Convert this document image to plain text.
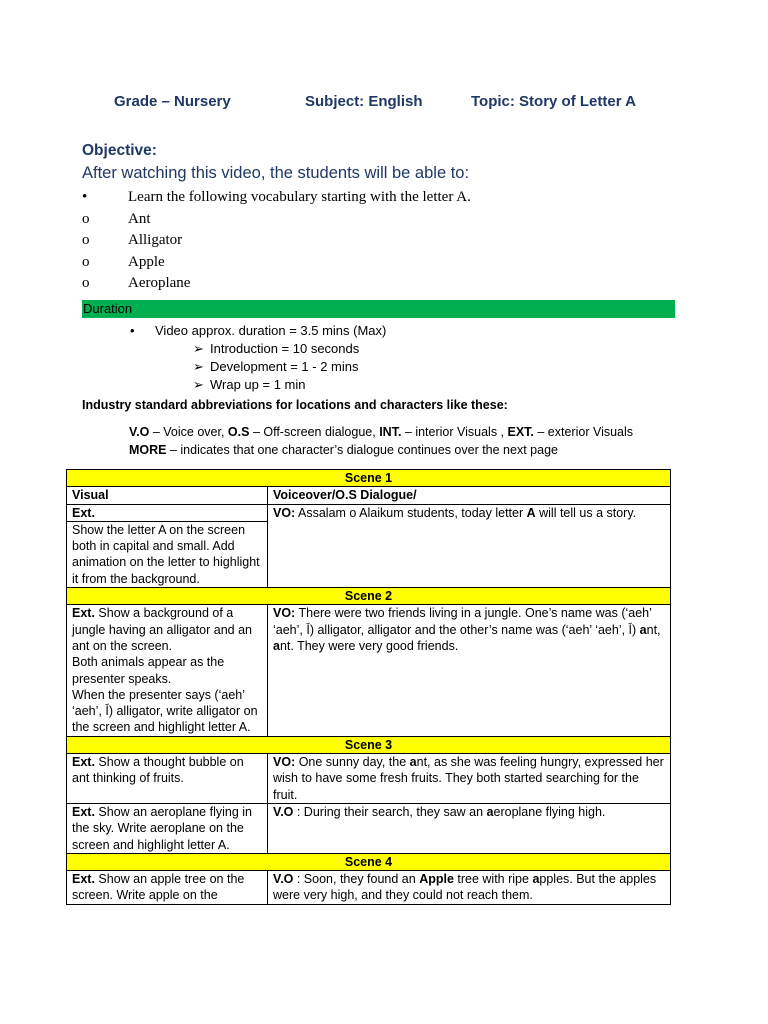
Grade – Nursery	Subject: English	Topic: Story of Letter A
Objective:
After watching this video, the students will be able to:
•	Learn the following vocabulary starting with the letter A.
o	Ant
o	Alligator
o	Apple
o	Aeroplane
Duration
• Video approx. duration = 3.5 mins (Max)
➢ Introduction = 10 seconds
➢ Development = 1 - 2 mins
➢ Wrap up = 1 min
Industry standard abbreviations for locations and characters like these:
V.O – Voice over, O.S – Off-screen dialogue, INT. – interior Visuals , EXT. – exterior Visuals
MORE – indicates that one character’s dialogue continues over the next page
Scene 1	
Visual	Voiceover/O.S Dialogue/
Ext.	VO: Assalam o Alaikum students, today letter A will tell us a story.
Show the letter A on the screen both in capital and small. Add animation on the letter to highlight it from the background.	
Scene 2	
Ext. Show a background of a jungle having an alligator and an ant on the screen.
Both animals appear as the presenter speaks.
When the presenter says (‘aeh’ ‘aeh’, اَ) alligator, write alligator on the screen and highlight letter A.	VO: There were two friends living in a jungle. One’s name was (‘aeh’ ‘aeh’, اَ) alligator, alligator and the other’s name was (‘aeh’ ‘aeh’, اَ) ant, ant. They were very good friends.
Scene 3	
Ext. Show a thought bubble on ant thinking of fruits.	VO: One sunny day, the ant, as she was feeling hungry, expressed her wish to have some fresh fruits. They both started searching for the fruit.
Ext. Show an aeroplane flying in the sky. Write aeroplane on the screen and highlight letter A.	V.O : During their search, they saw an aeroplane flying high.
Scene 4	
Ext. Show an apple tree on the screen. Write apple on the	V.O : Soon, they found an Apple tree with ripe apples. But the apples were very high, and they could not reach them.
